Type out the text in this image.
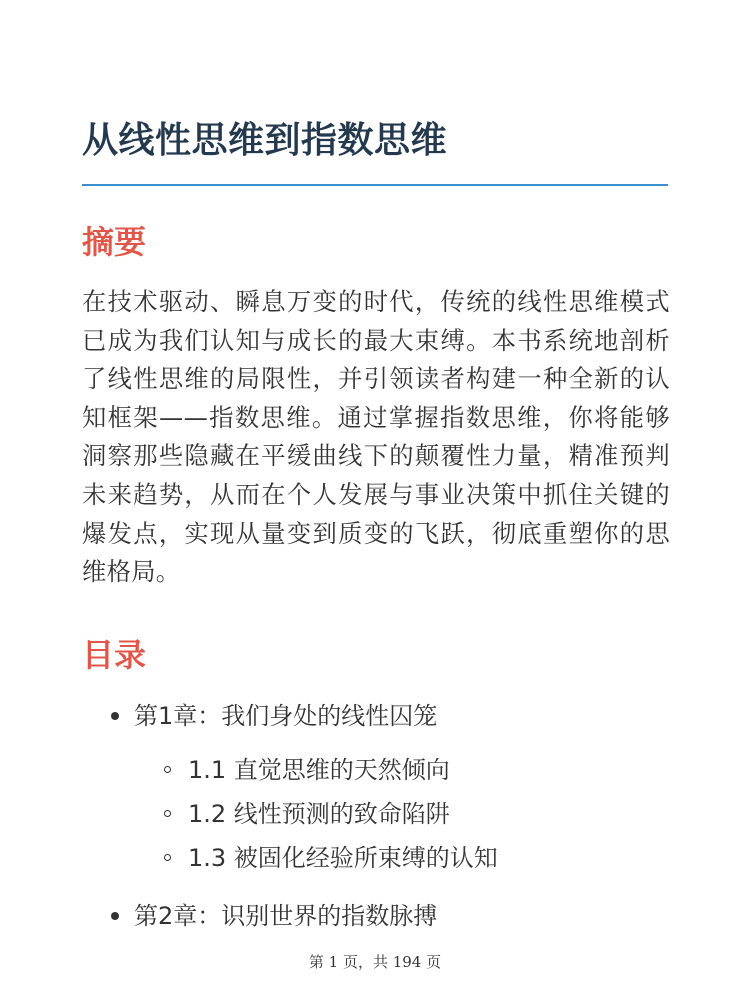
从线性思维到指数思维
摘要

在技术驱动、瞬息万变的时代，传统的线性思维模式已成为我们认知与成长的最大束缚。本书系统地剖析了线性思维的局限性，并引领读者构建一种全新的认知框架——指数思维。通过掌握指数思维，你将能够洞察那些隐藏在平缓曲线下的颠覆性力量，精准预判未来趋势，从而在个人发展与事业决策中抓住关键的爆发点，实现从量变到质变的飞跃，彻底重塑你的思维格局。

目录
第1章：我们身处的线性囚笼
1.1 直觉思维的天然倾向
1.2 线性预测的致命陷阱
1.3 被固化经验所束缚的认知
第2章：识别世界的指数脉搏
第 1 页，共 194 页
